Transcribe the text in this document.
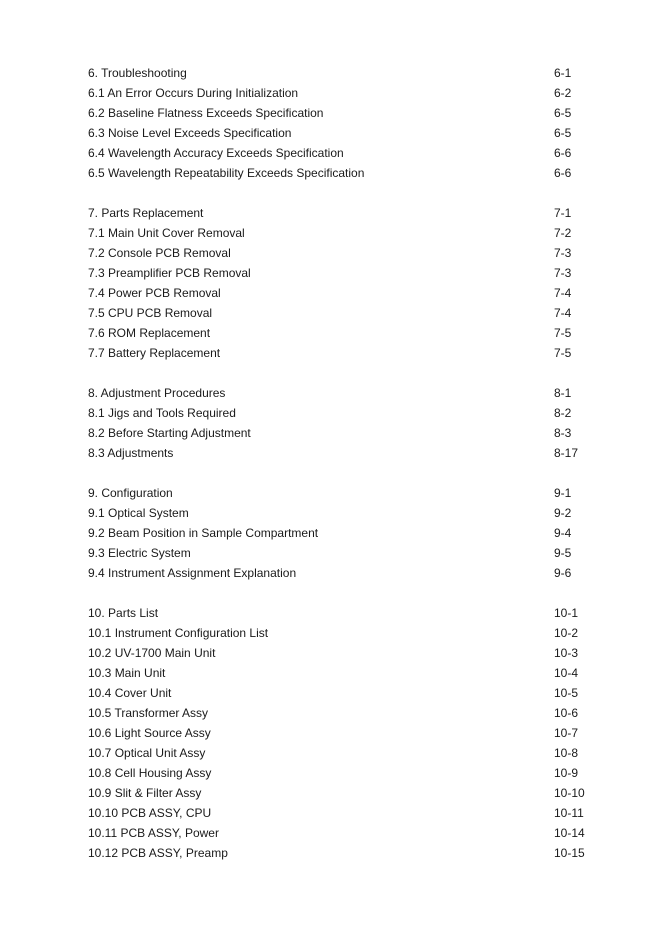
6. Troubleshooting	6-1
6.1 An Error Occurs During Initialization	6-2
6.2 Baseline Flatness Exceeds Specification	6-5
6.3 Noise Level Exceeds Specification	6-5
6.4 Wavelength Accuracy Exceeds Specification	6-6
6.5 Wavelength Repeatability Exceeds Specification	6-6
7. Parts Replacement	7-1
7.1 Main Unit Cover Removal	7-2
7.2 Console PCB Removal	7-3
7.3 Preamplifier PCB Removal	7-3
7.4 Power PCB Removal	7-4
7.5 CPU PCB Removal	7-4
7.6 ROM Replacement	7-5
7.7 Battery Replacement	7-5
8. Adjustment Procedures	8-1
8.1 Jigs and Tools Required	8-2
8.2 Before Starting Adjustment	8-3
8.3 Adjustments	8-17
9. Configuration	9-1
9.1 Optical System	9-2
9.2 Beam Position in Sample Compartment	9-4
9.3 Electric System	9-5
9.4 Instrument Assignment Explanation	9-6
10. Parts List	10-1
10.1 Instrument Configuration List	10-2
10.2 UV-1700 Main Unit	10-3
10.3 Main Unit	10-4
10.4 Cover Unit	10-5
10.5 Transformer Assy	10-6
10.6 Light Source Assy	10-7
10.7 Optical Unit Assy	10-8
10.8 Cell Housing Assy	10-9
10.9 Slit & Filter Assy	10-10
10.10 PCB ASSY, CPU	10-11
10.11 PCB ASSY, Power	10-14
10.12 PCB ASSY, Preamp	10-15
